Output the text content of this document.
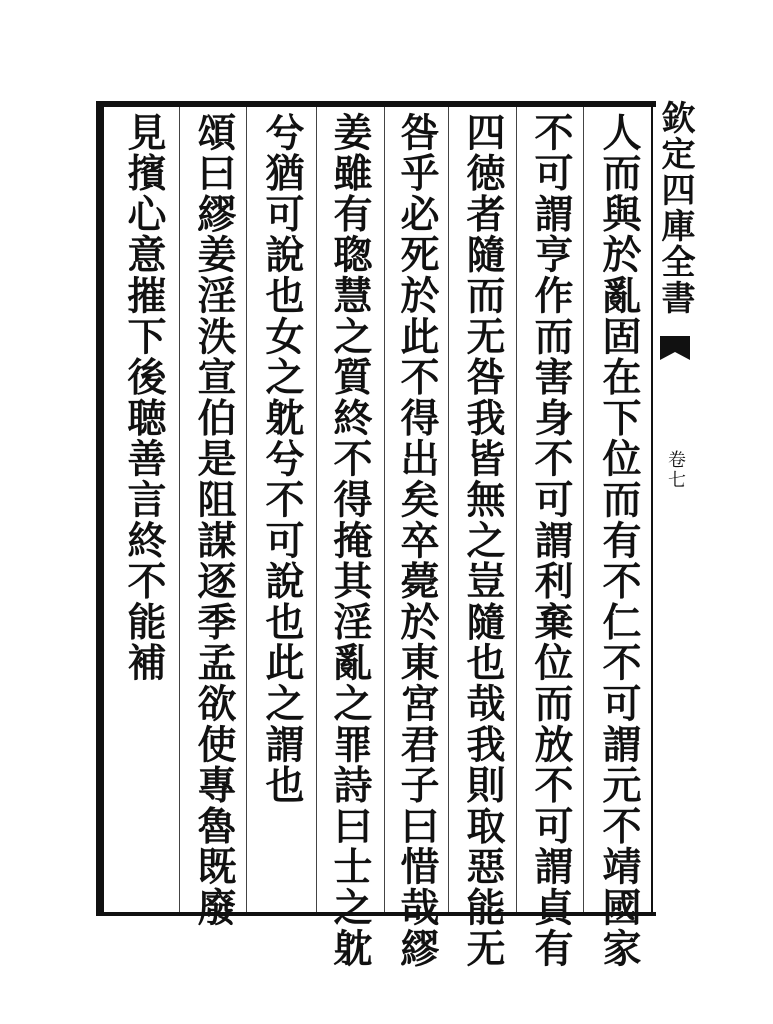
欽定四庫全書
卷七
人而與於亂固在下位而有不仁不可謂元不靖國家
不可謂亨作而害身不可謂利棄位而放不可謂貞有
四徳者隨而无咎我皆無之豈隨也哉我則取惡能无
咎乎必死於此不得出矣卒薨於東宮君子曰惜哉繆
姜雖有聦慧之質終不得掩其淫亂之罪詩曰士之躭
兮猶可說也女之躭兮不可說也此之謂也
頌曰繆姜淫泆宣伯是阻謀逐季孟欲使專魯既廢
見擯心意摧下後聴善言終不能補
